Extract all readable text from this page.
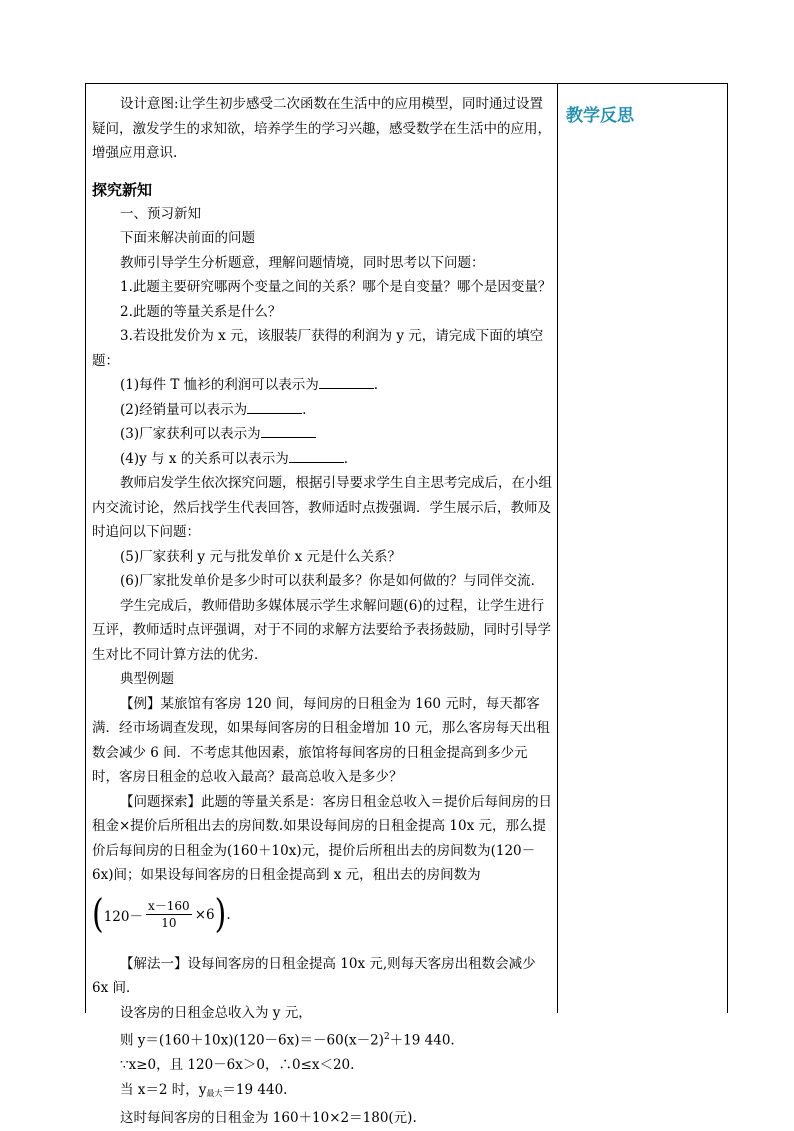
教学反思

设计意图:让学生初步感受二次函数在生活中的应用模型，同时通过设置疑问，激发学生的求知欲，培养学生的学习兴趣，感受数学在生活中的应用，增强应用意识.

探究新知

一、预习新知

下面来解决前面的问题

教师引导学生分析题意，理解问题情境，同时思考以下问题：

1.此题主要研究哪两个变量之间的关系？哪个是自变量？哪个是因变量？

2.此题的等量关系是什么？

3.若设批发价为 x 元，该服装厂获得的利润为 y 元，请完成下面的填空题：

(1)每件 T 恤衫的利润可以表示为	.

(2)经销量可以表示为	.

(3)厂家获利可以表示为

(4)y 与 x 的关系可以表示为	.

教师启发学生依次探究问题，根据引导要求学生自主思考完成后，在小组内交流讨论，然后找学生代表回答，教师适时点拨强调．学生展示后，教师及时追问以下问题：

(5)厂家获利 y 元与批发单价 x 元是什么关系？

(6)厂家批发单价是多少时可以获利最多？你是如何做的？与同伴交流．

学生完成后，教师借助多媒体展示学生求解问题(6)的过程，让学生进行互评，教师适时点评强调，对于不同的求解方法要给予表扬鼓励，同时引导学生对比不同计算方法的优劣．

典型例题

【例】某旅馆有客房 120 间，每间房的日租金为 160 元时，每天都客满．经市场调查发现，如果每间客房的日租金增加 10 元，那么客房每天出租数会减少 6 间．不考虑其他因素，旅馆将每间客房的日租金提高到多少元时，客房日租金的总收入最高？最高总收入是多少？

【问题探索】此题的等量关系是：客房日租金总收入＝提价后每间房的日租金×提价后所租出去的房间数.如果设每间房的日租金提高 10x 元，那么提价后每间房的日租金为(160＋10x)元，提价后所租出去的房间数为(120－6x)间；如果设每间客房的日租金提高到 x 元，租出去的房间数为

( $120- \frac{x-160}{10} \times 6$ ) .

【解法一】设每间客房的日租金提高 10x 元,则每天客房出租数会减少 6x 间．

设客房的日租金总收入为 y 元，

则 $y=(160+10x)(120-6x)=-60(x-2)^2+19$ 440.

∵x≥0，且 120－6x＞0，∴0≤x＜20.

当 x＝2 时，$y_{最大}=19$ 440.

这时每间客房的日租金为 160＋10×2＝180(元).
